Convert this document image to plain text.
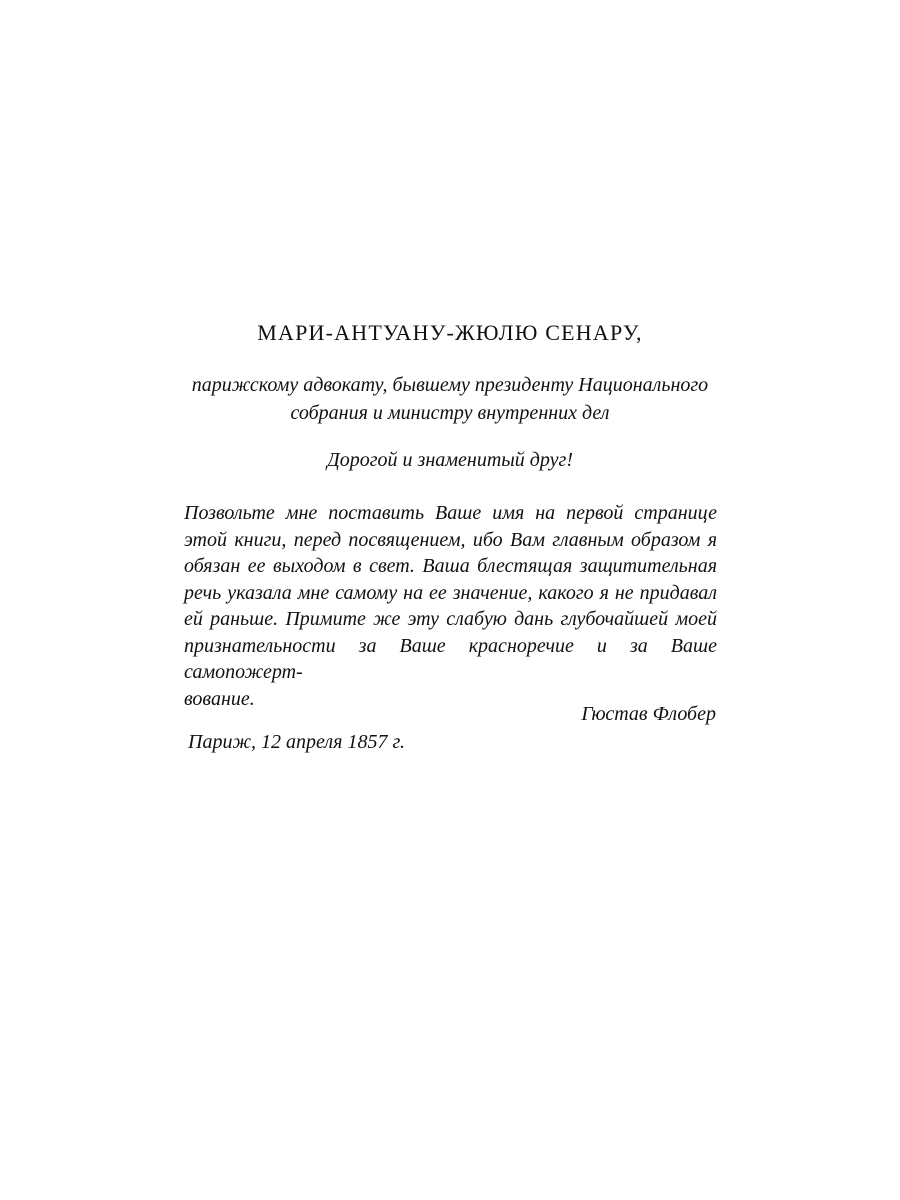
МАРИ-АНТУАНУ-ЖЮЛЮ СЕНАРУ,

парижскому адвокату, бывшему президенту Национального
собрания и министру внутренних дел

Дорогой и знаменитый друг!

Позвольте мне поставить Ваше имя на первой странице
этой книги, перед посвящением, ибо Вам главным образом я
обязан ее выходом в свет. Ваша блестящая защитительная
речь указала мне самому на ее значение, какого я не придавал
ей раньше. Примите же эту слабую дань глубочайшей моей
признательности за Ваше красноречие и за Ваше самопожерт-
вование.

Гюстав Флобер

Париж, 12 апреля 1857 г.
